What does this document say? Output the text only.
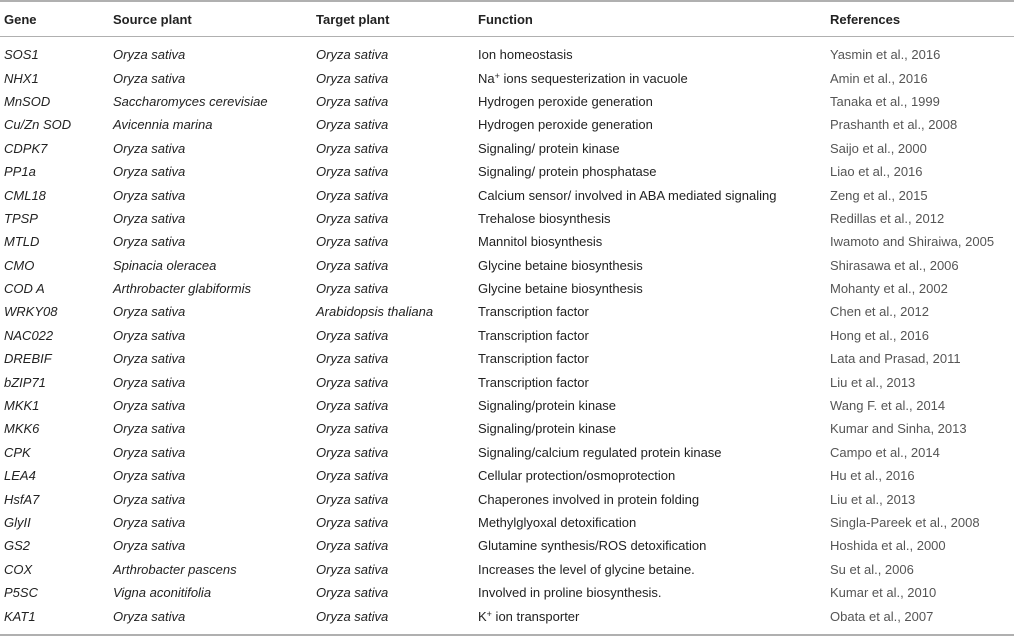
Gene	Source plant	Target plant	Function	References
SOS1	Oryza sativa	Oryza sativa	Ion homeostasis	Yasmin et al., 2016
NHX1	Oryza sativa	Oryza sativa	Na+ ions sequesterization in vacuole	Amin et al., 2016
MnSOD	Saccharomyces cerevisiae	Oryza sativa	Hydrogen peroxide generation	Tanaka et al., 1999
Cu/Zn SOD	Avicennia marina	Oryza sativa	Hydrogen peroxide generation	Prashanth et al., 2008
CDPK7	Oryza sativa	Oryza sativa	Signaling/ protein kinase	Saijo et al., 2000
PP1a	Oryza sativa	Oryza sativa	Signaling/ protein phosphatase	Liao et al., 2016
CML18	Oryza sativa	Oryza sativa	Calcium sensor/ involved in ABA mediated signaling	Zeng et al., 2015
TPSP	Oryza sativa	Oryza sativa	Trehalose biosynthesis	Redillas et al., 2012
MTLD	Oryza sativa	Oryza sativa	Mannitol biosynthesis	Iwamoto and Shiraiwa, 2005
CMO	Spinacia oleracea	Oryza sativa	Glycine betaine biosynthesis	Shirasawa et al., 2006
COD A	Arthrobacter glabiformis	Oryza sativa	Glycine betaine biosynthesis	Mohanty et al., 2002
WRKY08	Oryza sativa	Arabidopsis thaliana	Transcription factor	Chen et al., 2012
NAC022	Oryza sativa	Oryza sativa	Transcription factor	Hong et al., 2016
DREBIF	Oryza sativa	Oryza sativa	Transcription factor	Lata and Prasad, 2011
bZIP71	Oryza sativa	Oryza sativa	Transcription factor	Liu et al., 2013
MKK1	Oryza sativa	Oryza sativa	Signaling/protein kinase	Wang F. et al., 2014
MKK6	Oryza sativa	Oryza sativa	Signaling/protein kinase	Kumar and Sinha, 2013
CPK	Oryza sativa	Oryza sativa	Signaling/calcium regulated protein kinase	Campo et al., 2014
LEA4	Oryza sativa	Oryza sativa	Cellular protection/osmoprotection	Hu et al., 2016
HsfA7	Oryza sativa	Oryza sativa	Chaperones involved in protein folding	Liu et al., 2013
GlyII	Oryza sativa	Oryza sativa	Methylglyoxal detoxification	Singla-Pareek et al., 2008
GS2	Oryza sativa	Oryza sativa	Glutamine synthesis/ROS detoxification	Hoshida et al., 2000
COX	Arthrobacter pascens	Oryza sativa	Increases the level of glycine betaine.	Su et al., 2006
P5SC	Vigna aconitifolia	Oryza sativa	Involved in proline biosynthesis.	Kumar et al., 2010
KAT1	Oryza sativa	Oryza sativa	K+ ion transporter	Obata et al., 2007
